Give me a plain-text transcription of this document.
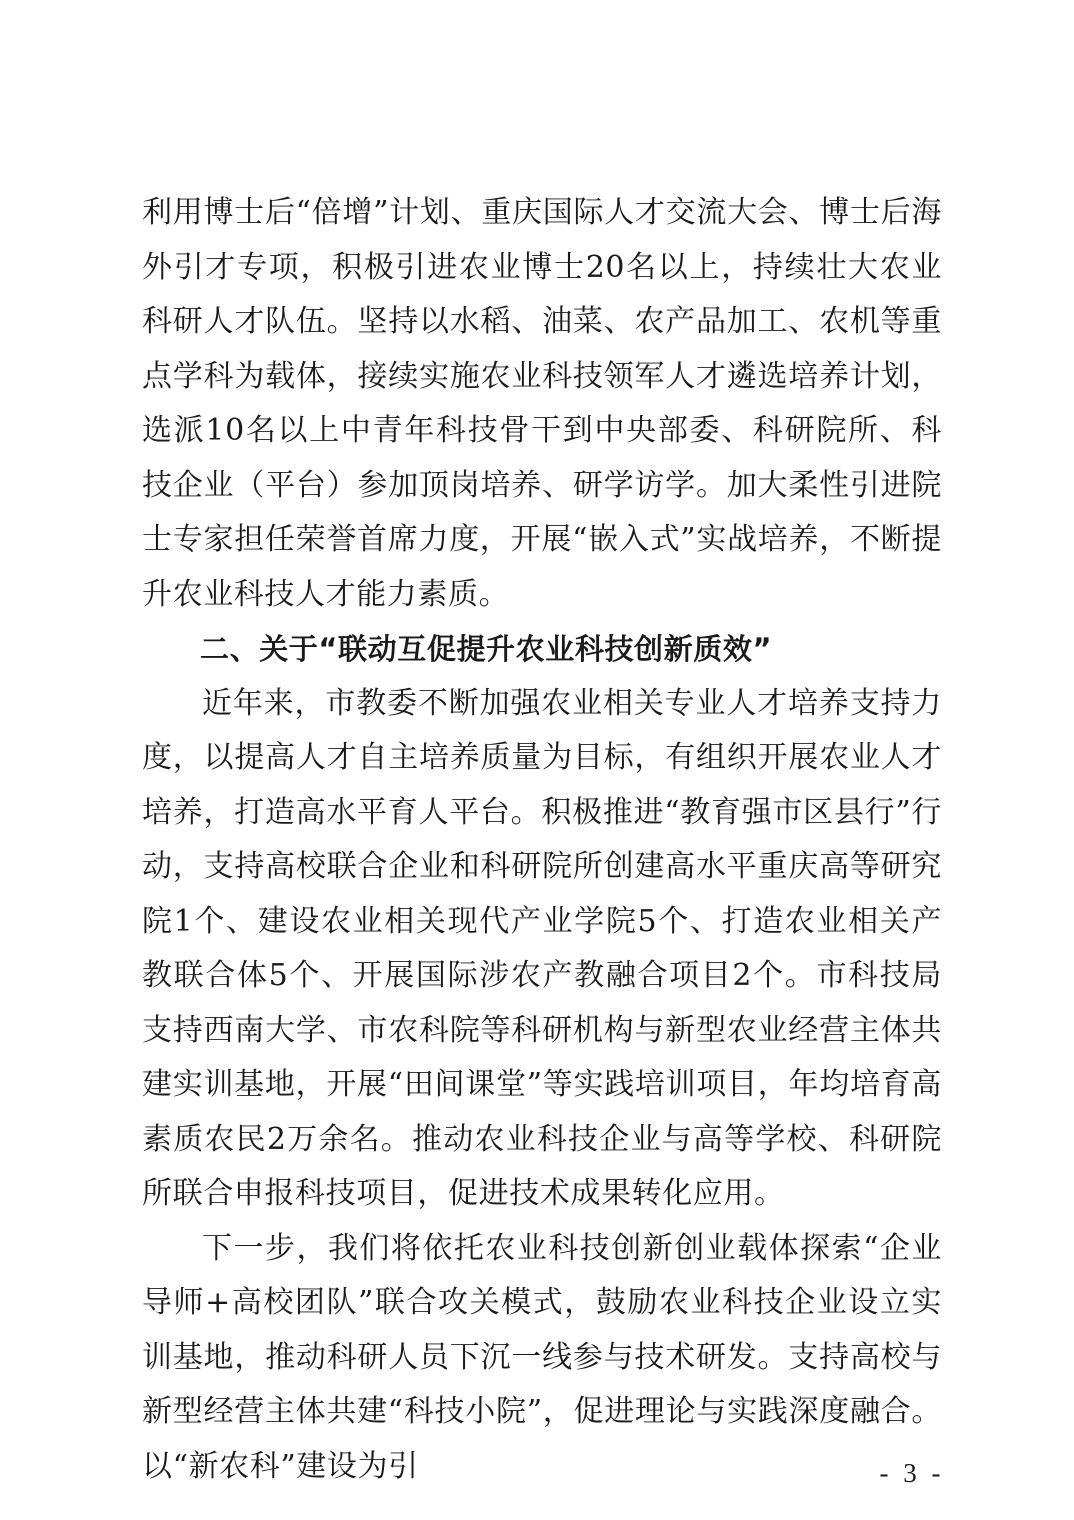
利用博士后“倍增”计划、重庆国际人才交流大会、博士后海外引才专项，积极引进农业博士20名以上，持续壮大农业科研人才队伍。坚持以水稻、油菜、农产品加工、农机等重点学科为载体，接续实施农业科技领军人才遴选培养计划，选派10名以上中青年科技骨干到中央部委、科研院所、科技企业（平台）参加顶岗培养、研学访学。加大柔性引进院士专家担任荣誉首席力度，开展“嵌入式”实战培养，不断提升农业科技人才能力素质。

二、关于“联动互促提升农业科技创新质效”

近年来，市教委不断加强农业相关专业人才培养支持力度，以提高人才自主培养质量为目标，有组织开展农业人才培养，打造高水平育人平台。积极推进“教育强市区县行”行动，支持高校联合企业和科研院所创建高水平重庆高等研究院1个、建设农业相关现代产业学院5个、打造农业相关产教联合体5个、开展国际涉农产教融合项目2个。市科技局支持西南大学、市农科院等科研机构与新型农业经营主体共建实训基地，开展“田间课堂”等实践培训项目，年均培育高素质农民2万余名。推动农业科技企业与高等学校、科研院所联合申报科技项目，促进技术成果转化应用。

下一步，我们将依托农业科技创新创业载体探索“企业导师+高校团队”联合攻关模式，鼓励农业科技企业设立实训基地，推动科研人员下沉一线参与技术研发。支持高校与新型经营主体共建“科技小院”，促进理论与实践深度融合。以“新农科”建设为引	- 3 -
